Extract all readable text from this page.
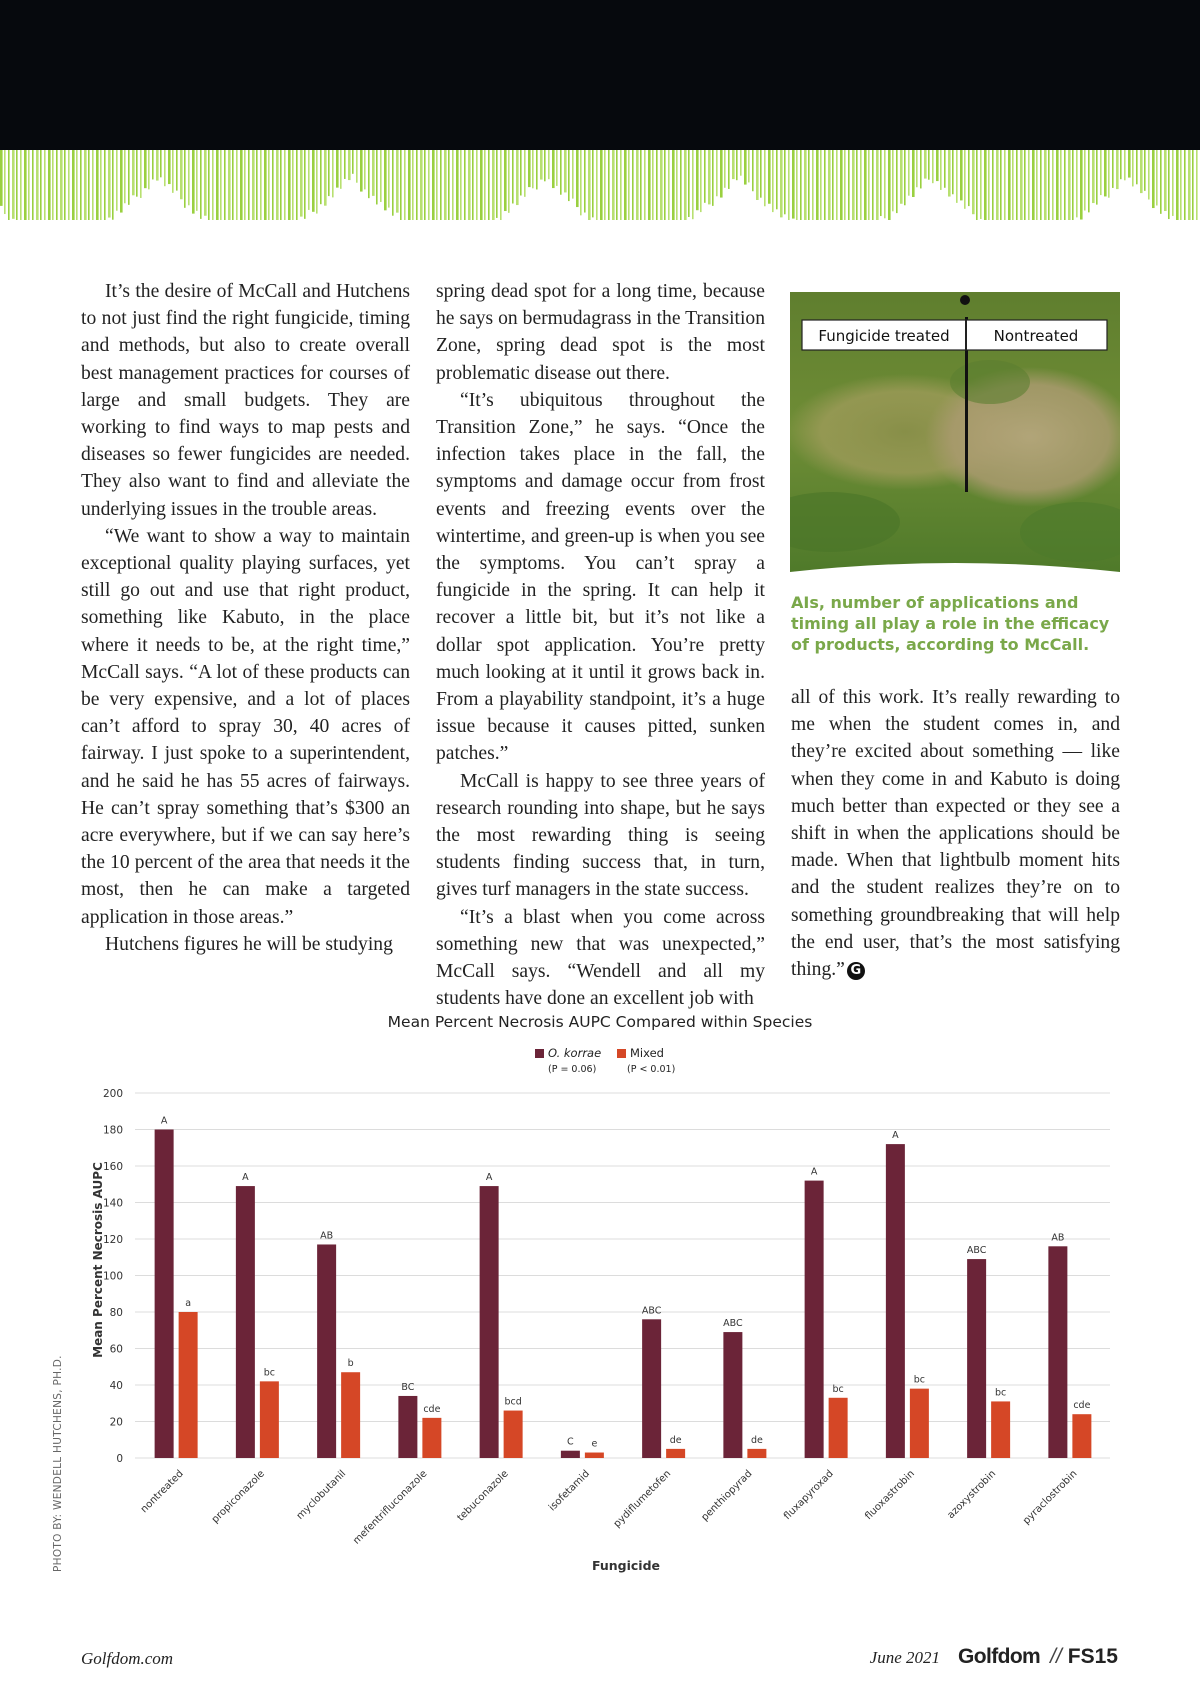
It’s the desire of McCall and Hutchens to not just find the right fungicide, timing and methods, but also to create overall best management practices for courses of large and small budgets. They are working to find ways to map pests and diseases so fewer fungicides are needed. They also want to find and alleviate the underlying issues in the trouble areas.

“We want to show a way to maintain exceptional quality playing surfaces, yet still go out and use that right product, something like Kabuto, in the place where it needs to be, at the right time,” McCall says. “A lot of these products can be very expensive, and a lot of places can’t afford to spray 30, 40 acres of fairway. I just spoke to a superintendent, and he said he has 55 acres of fairways. He can’t spray something that’s $300 an acre everywhere, but if we can say here’s the 10 percent of the area that needs it the most, then he can make a targeted application in those areas.”

Hutchens figures he will be studying

spring dead spot for a long time, because he says on bermudagrass in the Transition Zone, spring dead spot is the most problematic disease out there.

“It’s ubiquitous throughout the Transition Zone,” he says. “Once the infection takes place in the fall, the symptoms and damage occur from frost events and freezing events over the wintertime, and green-up is when you see the symptoms. You can’t spray a fungicide in the spring. It can help it recover a little bit, but it’s not like a dollar spot application. You’re pretty much looking at it until it grows back in. From a playability standpoint, it’s a huge issue because it causes pitted, sunken patches.”

McCall is happy to see three years of research rounding into shape, but he says the most rewarding thing is seeing students finding success that, in turn, gives turf managers in the state success.

“It’s a blast when you come across something new that was unexpected,” McCall says. “Wendell and all my students have done an excellent job with

all of this work. It’s really rewarding to me when the student comes in, and they’re excited about something — like when they come in and Kabuto is doing much better than expected or they see a shift in when the applications should be made. When that lightbulb moment hits and the student realizes they’re on to something groundbreaking that will help the end user, that’s the most satisfying thing.” G

Fungicide treated	Nontreated
AIs, number of applications and timing all play a role in the efficacy of products, according to McCall.
Mean Percent Necrosis AUPC Compared within Species
O. korrae
(P = 0.06)
Mixed
(P < 0.01)
0
20
40
60
80
100
120
140
160
180
200
A
a
A
bc
AB
b
BC
cde
A
bcd
C e
ABC
de
ABC
de
A
bc
A
bc
ABC
bc
AB
cde
nontreated propiconazole	myclobutanil mefentrifluconazole	tebuconazole	isofetamid pydiflumetofen	penthiopyrad	fluxapyroxad	fluoxastrobin	azoxystrobin pyraclostrobin
Mean Percent Necrosis AUPC
Fungicide
PHOTO BY: WENDELL HUTCHENS, PH.D.
Golfdom.com	June 2021 Golfdom // FS15
